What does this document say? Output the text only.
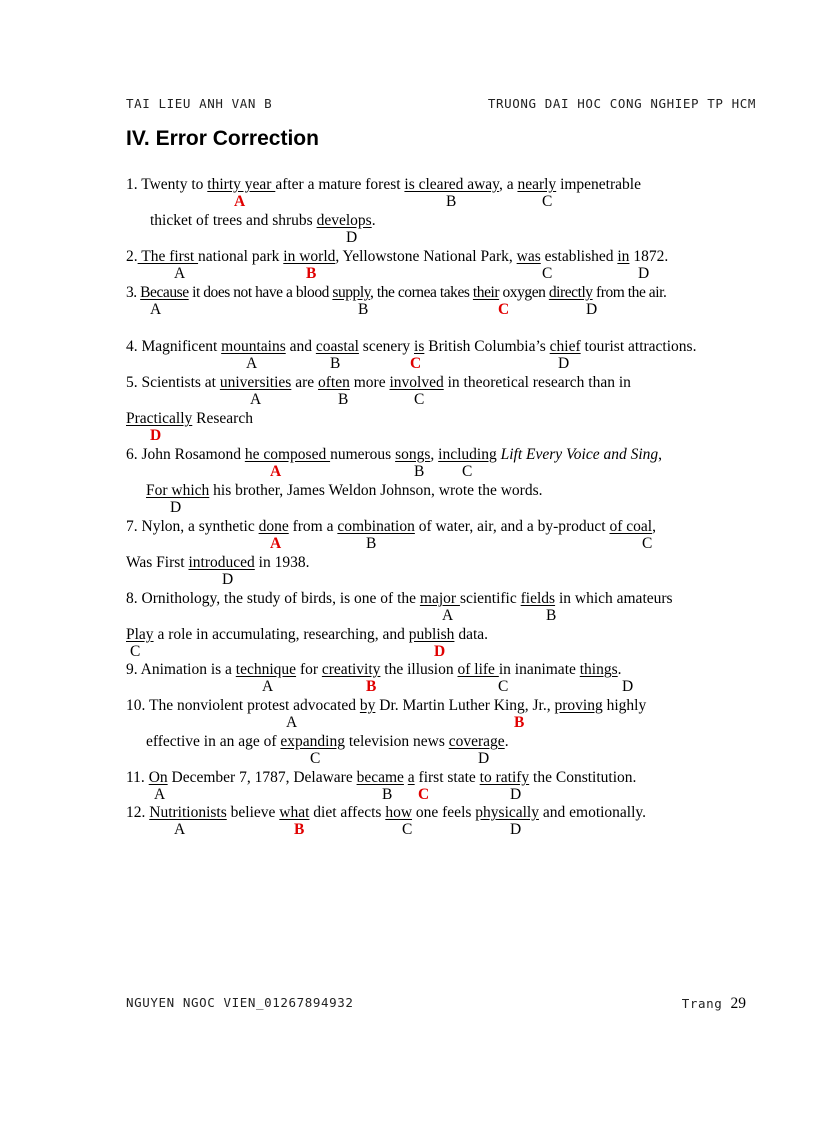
TAI LIEU ANH VAN B	TRUONG DAI HOC CONG NGHIEP TP HCM
IV. Error Correction
1. Twenty to thirty year after a mature forest is cleared away, a nearly impenetrable
A	B	C
thicket of trees and shrubs develops.
D
2. The first national park in world, Yellowstone National Park, was established in 1872.
A	B	C	D
3. Because it does not have a blood supply, the cornea takes their oxygen directly from the air.
A	B	C	D
4. Magnificent mountains and coastal scenery is British Columbia’s chief tourist attractions.
A	B	C	D
5. Scientists at universities are often more involved in theoretical research than in
A	B	C
Practically Research
D
6. John Rosamond he composed numerous songs, including Lift Every Voice and Sing,
A	B C
For which his brother, James Weldon Johnson, wrote the words.
D
7. Nylon, a synthetic done from a combination of water, air, and a by-product of coal,
A	B	C
Was First introduced in 1938.
D
8. Ornithology, the study of birds, is one of the major scientific fields in which amateurs
A	B
Play a role in accumulating, researching, and publish data.
C	D
9. Animation is a technique for creativity the illusion of life in inanimate things.
A	B	C	D
10. The nonviolent protest advocated by Dr. Martin Luther King, Jr., proving highly
A	B
effective in an age of expanding television news coverage.
C	D
11. On December 7, 1787, Delaware became a first state to ratify the Constitution.
A	B C	D
12. Nutritionists believe what diet affects how one feels physically and emotionally.
A	B	C	D
NGUYEN NGOC VIEN_01267894932	Trang 29
